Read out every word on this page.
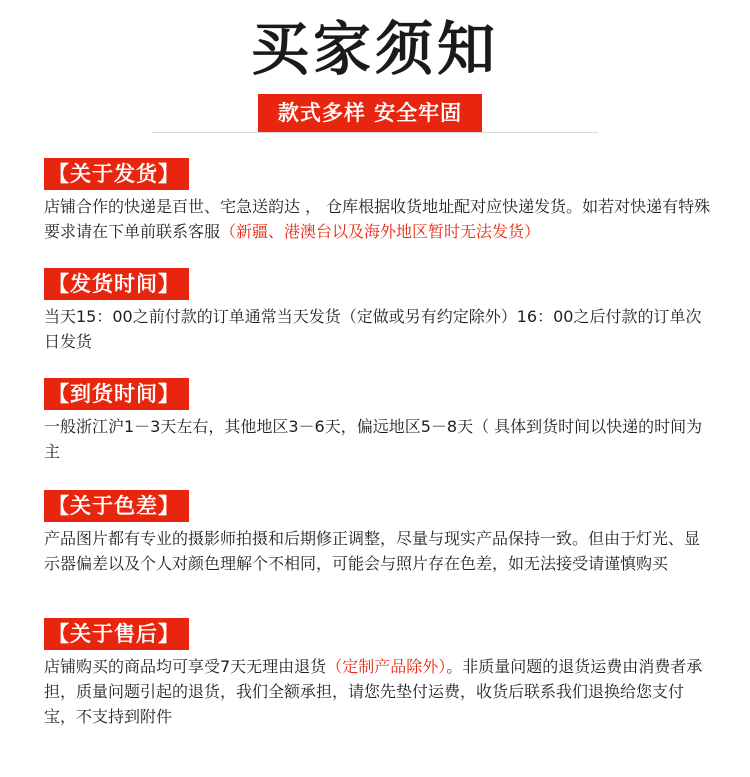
买家须知
款式多样 安全牢固
【关于发货】
店铺合作的快递是百世、宅急送韵达 ， 仓库根据收货地址配对应快递发货。如若对快递有特殊要求请在下单前联系客服（新疆、港澳台以及海外地区暂时无法发货）
【发货时间】
当天15：00之前付款的订单通常当天发货（定做或另有约定除外）16：00之后付款的订单次日发货
【到货时间】
一般浙江沪1－3天左右，其他地区3－6天，偏远地区5－8天（ 具体到货时间以快递的时间为主
【关于色差】
产品图片都有专业的摄影师拍摄和后期修正调整，尽量与现实产品保持一致。但由于灯光、显示器偏差以及个人对颜色理解个不相同，可能会与照片存在色差，如无法接受请谨慎购买
【关于售后】
店铺购买的商品均可享受7天无理由退货（定制产品除外）。非质量问题的退货运费由消费者承担，质量问题引起的退货，我们全额承担，请您先垫付运费，收货后联系我们退换给您支付宝，不支持到附件
